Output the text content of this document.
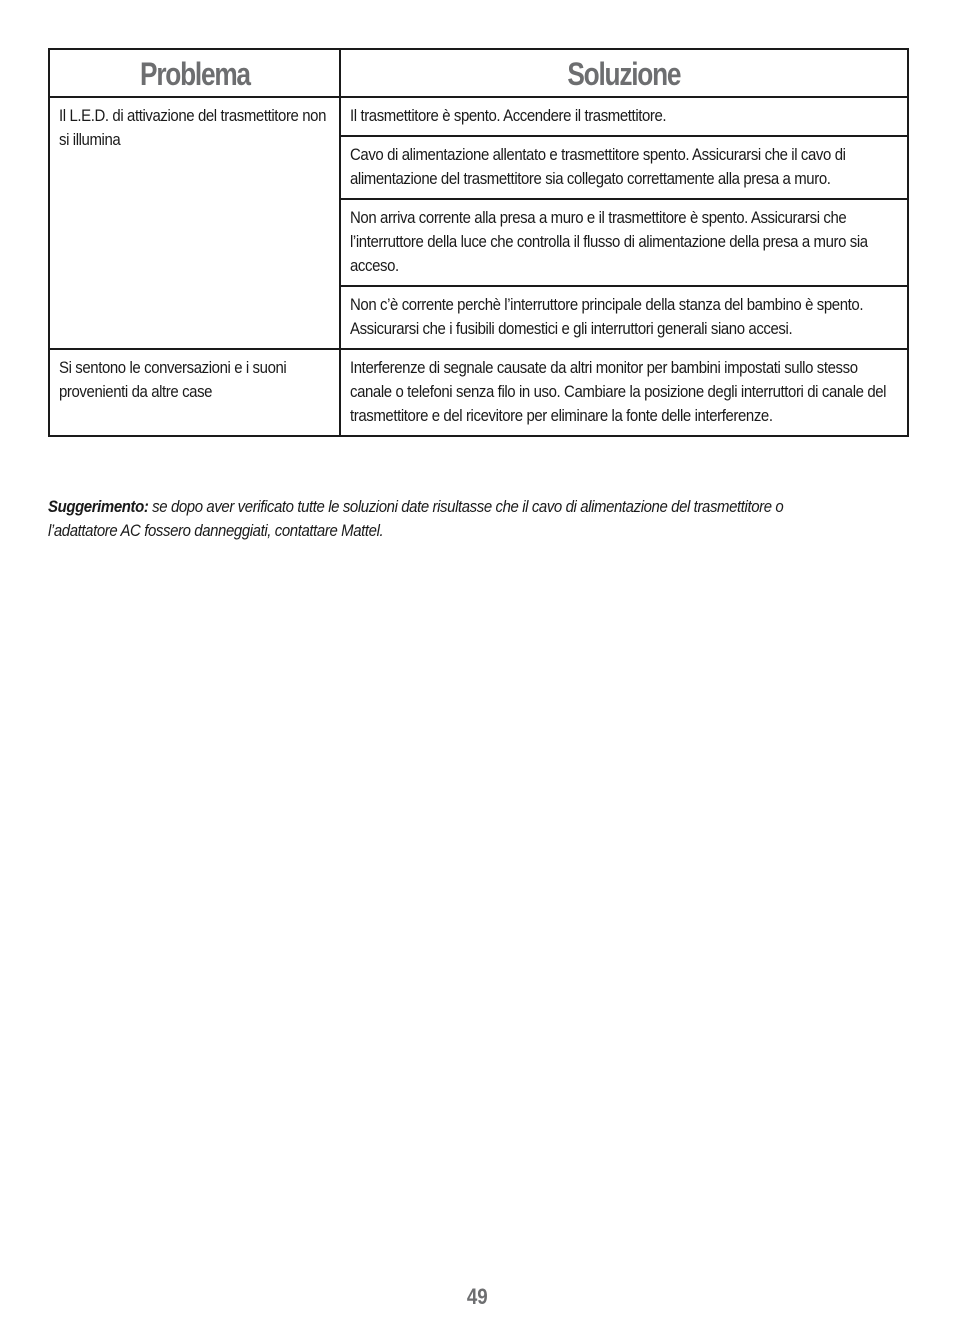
Problema	Soluzione

Il L.E.D. di attivazione del trasmettitore non si illumina	Il trasmettitore è spento. Accendere il trasmettitore.

	Cavo di alimentazione allentato e trasmettitore spento. Assicurarsi che il cavo di alimentazione del trasmettitore sia collegato correttamente alla presa a muro.

	Non arriva corrente alla presa a muro e il trasmettitore è spento. Assicurarsi che l’interruttore della luce che controlla il flusso di alimentazione della presa a muro sia acceso.

	Non c’è corrente perchè l’interruttore principale della stanza del bambino è spento. Assicurarsi che i fusibili domestici e gli interruttori generali siano accesi.

Si sentono le conversazioni e i suoni provenienti da altre case	Interferenze di segnale causate da altri monitor per bambini impostati sullo stesso canale o telefoni senza filo in uso. Cambiare la posizione degli interruttori di canale del trasmettitore e del ricevitore per eliminare la fonte delle interferenze.
Suggerimento: se dopo aver verificato tutte le soluzioni date risultasse che il cavo di alimentazione del trasmettitore o l’adattatore AC fossero danneggiati, contattare Mattel.
49
